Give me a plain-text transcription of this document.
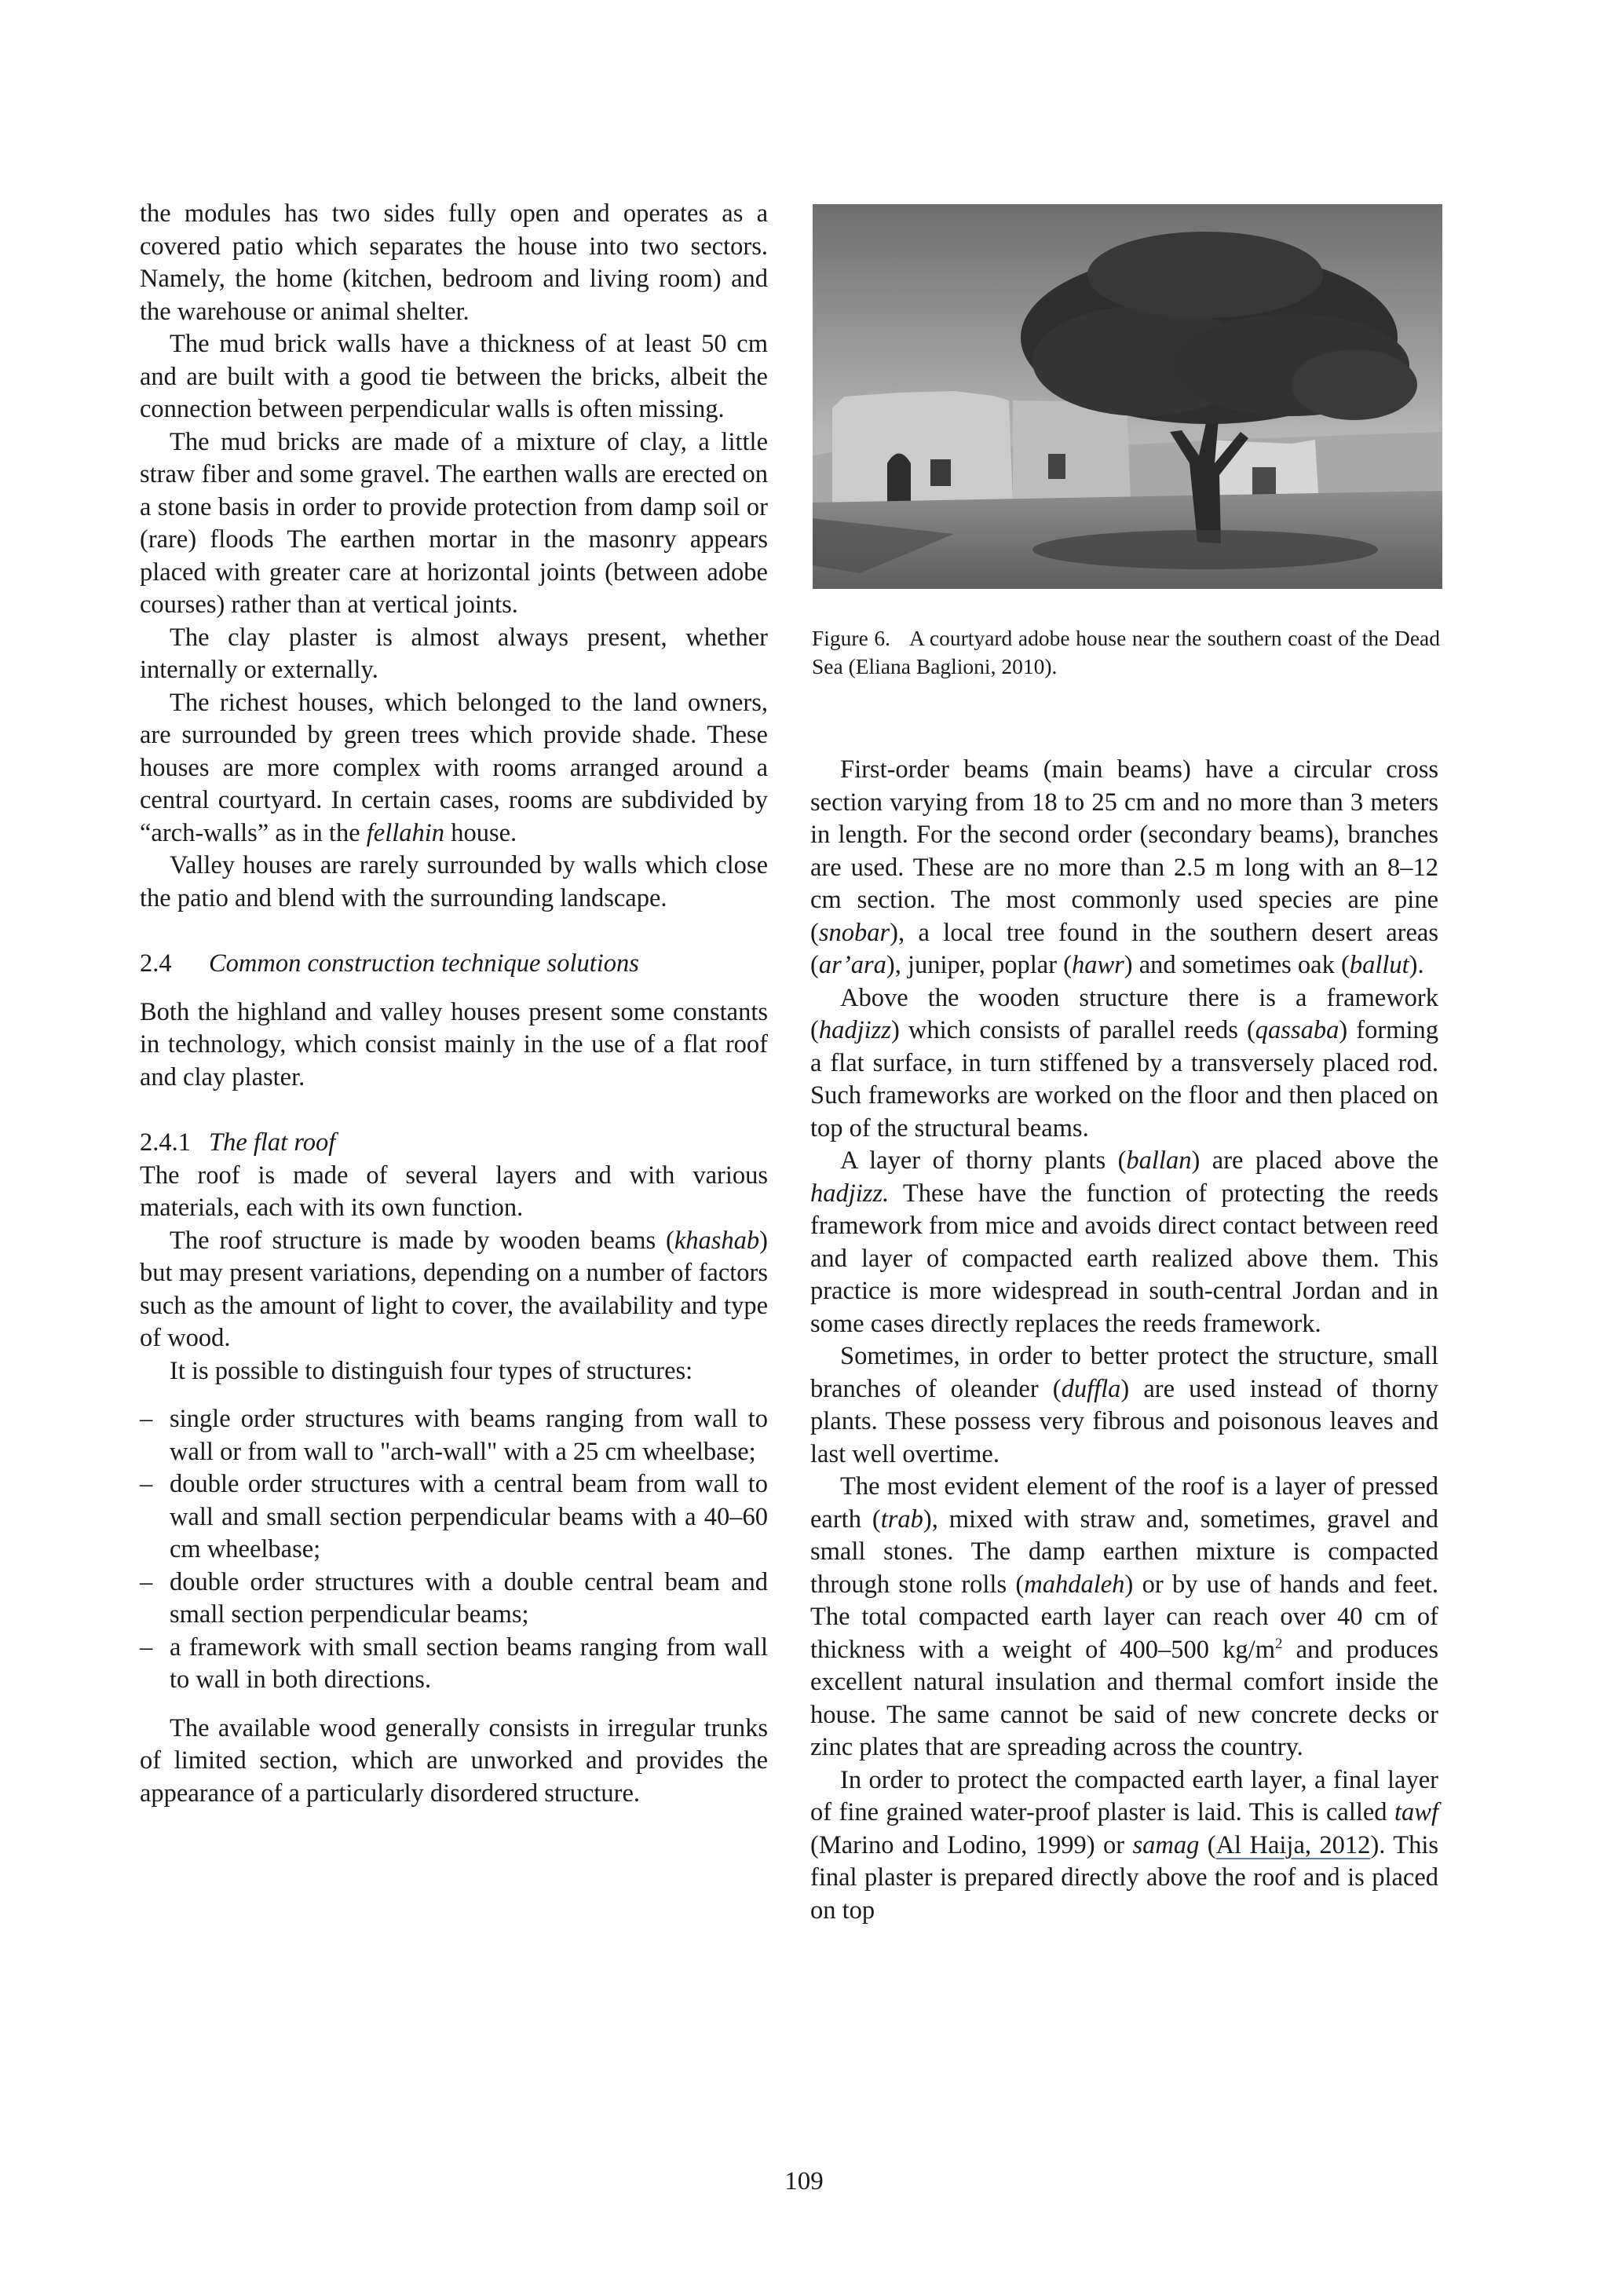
the modules has two sides fully open and operates as a covered patio which separates the house into two sectors. Namely, the home (kitchen, bedroom and living room) and the warehouse or animal shelter.

The mud brick walls have a thickness of at least 50 cm and are built with a good tie between the bricks, albeit the connection between perpendicular walls is often missing.

The mud bricks are made of a mixture of clay, a little straw fiber and some gravel. The earthen walls are erected on a stone basis in order to provide protection from damp soil or (rare) floods The earthen mortar in the masonry appears placed with greater care at horizontal joints (between adobe courses) rather than at vertical joints.

The clay plaster is almost always present, whether internally or externally.

The richest houses, which belonged to the land owners, are surrounded by green trees which provide shade. These houses are more complex with rooms arranged around a central courtyard. In certain cases, rooms are subdivided by “arch-walls” as in the fellahin house.

Valley houses are rarely surrounded by walls which close the patio and blend with the surrounding landscape.

2.4 Common construction technique solutions

Both the highland and valley houses present some constants in technology, which consist mainly in the use of a flat roof and clay plaster.

2.4.1 The flat roof

The roof is made of several layers and with various materials, each with its own function.

The roof structure is made by wooden beams (khashab) but may present variations, depending on a number of factors such as the amount of light to cover, the availability and type of wood.

It is possible to distinguish four types of structures:

– single order structures with beams ranging from wall to wall or from wall to "arch-wall" with a 25 cm wheelbase;
– double order structures with a central beam from wall to wall and small section perpendicular beams with a 40–60 cm wheelbase;
– double order structures with a double central beam and small section perpendicular beams;
– a framework with small section beams ranging from wall to wall in both directions.

The available wood generally consists in irregular trunks of limited section, which are unworked and provides the appearance of a particularly disordered structure.

Figure 6. A courtyard adobe house near the southern coast of the Dead Sea (Eliana Baglioni, 2010).

First-order beams (main beams) have a circular cross section varying from 18 to 25 cm and no more than 3 meters in length. For the second order (secondary beams), branches are used. These are no more than 2.5 m long with an 8–12 cm section. The most commonly used species are pine (snobar), a local tree found in the southern desert areas (ar’ara), juniper, poplar (hawr) and sometimes oak (ballut).

Above the wooden structure there is a framework (hadjizz) which consists of parallel reeds (qassaba) forming a flat surface, in turn stiffened by a transversely placed rod. Such frameworks are worked on the floor and then placed on top of the structural beams.

A layer of thorny plants (ballan) are placed above the hadjizz. These have the function of protecting the reeds framework from mice and avoids direct contact between reed and layer of compacted earth realized above them. This practice is more widespread in south-central Jordan and in some cases directly replaces the reeds framework.

Sometimes, in order to better protect the structure, small branches of oleander (duffla) are used instead of thorny plants. These possess very fibrous and poisonous leaves and last well overtime.

The most evident element of the roof is a layer of pressed earth (trab), mixed with straw and, sometimes, gravel and small stones. The damp earthen mixture is compacted through stone rolls (mahdaleh) or by use of hands and feet. The total compacted earth layer can reach over 40 cm of thickness with a weight of 400–500 $kg/m^2$ and produces excellent natural insulation and thermal comfort inside the house. The same cannot be said of new concrete decks or zinc plates that are spreading across the country.

In order to protect the compacted earth layer, a final layer of fine grained water-proof plaster is laid. This is called tawf (Marino and Lodino, 1999) or samag (Al Haija, 2012). This final plaster is prepared directly above the roof and is placed on top

109
